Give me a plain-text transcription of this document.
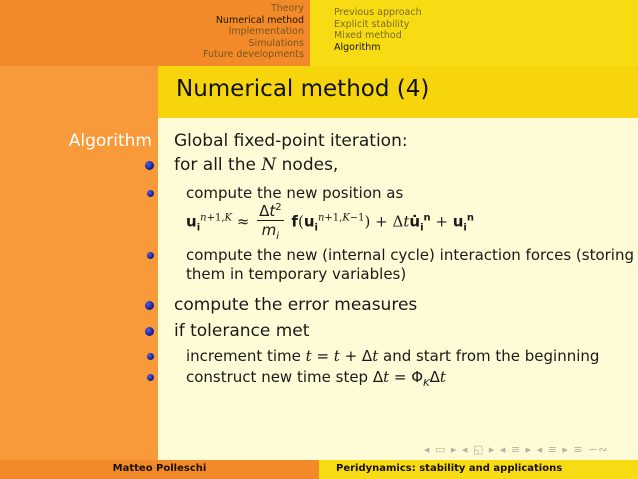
Theory
Numerical method
Implementation
Simulations
Future developments
Previous approach
Explicit stability
Mixed method
Algorithm
Numerical method (4)
Algorithm Global fixed-point iteration:
for all the N nodes,
compute the new position as
$u_i^{n+1,K} \approx \frac{\Delta t^2}{m_i} f(u_i^{n+1,K-1})$ + $\Delta tu̇_i^n + u_i^n$
compute the new (internal cycle) interaction forces (storing
them in temporary variables)
compute the error measures
if tolerance met
increment time t = t + Δt and start from the beginning
construct new time step $\Delta t = \Phi_K\Delta t$
◂ ▭ ▸ ◂ ◱ ▸ ◂ ≡ ▸ ◂ ≡ ▸ ≡ ∽∾
Matteo Polleschi	Peridynamics: stability and applications
